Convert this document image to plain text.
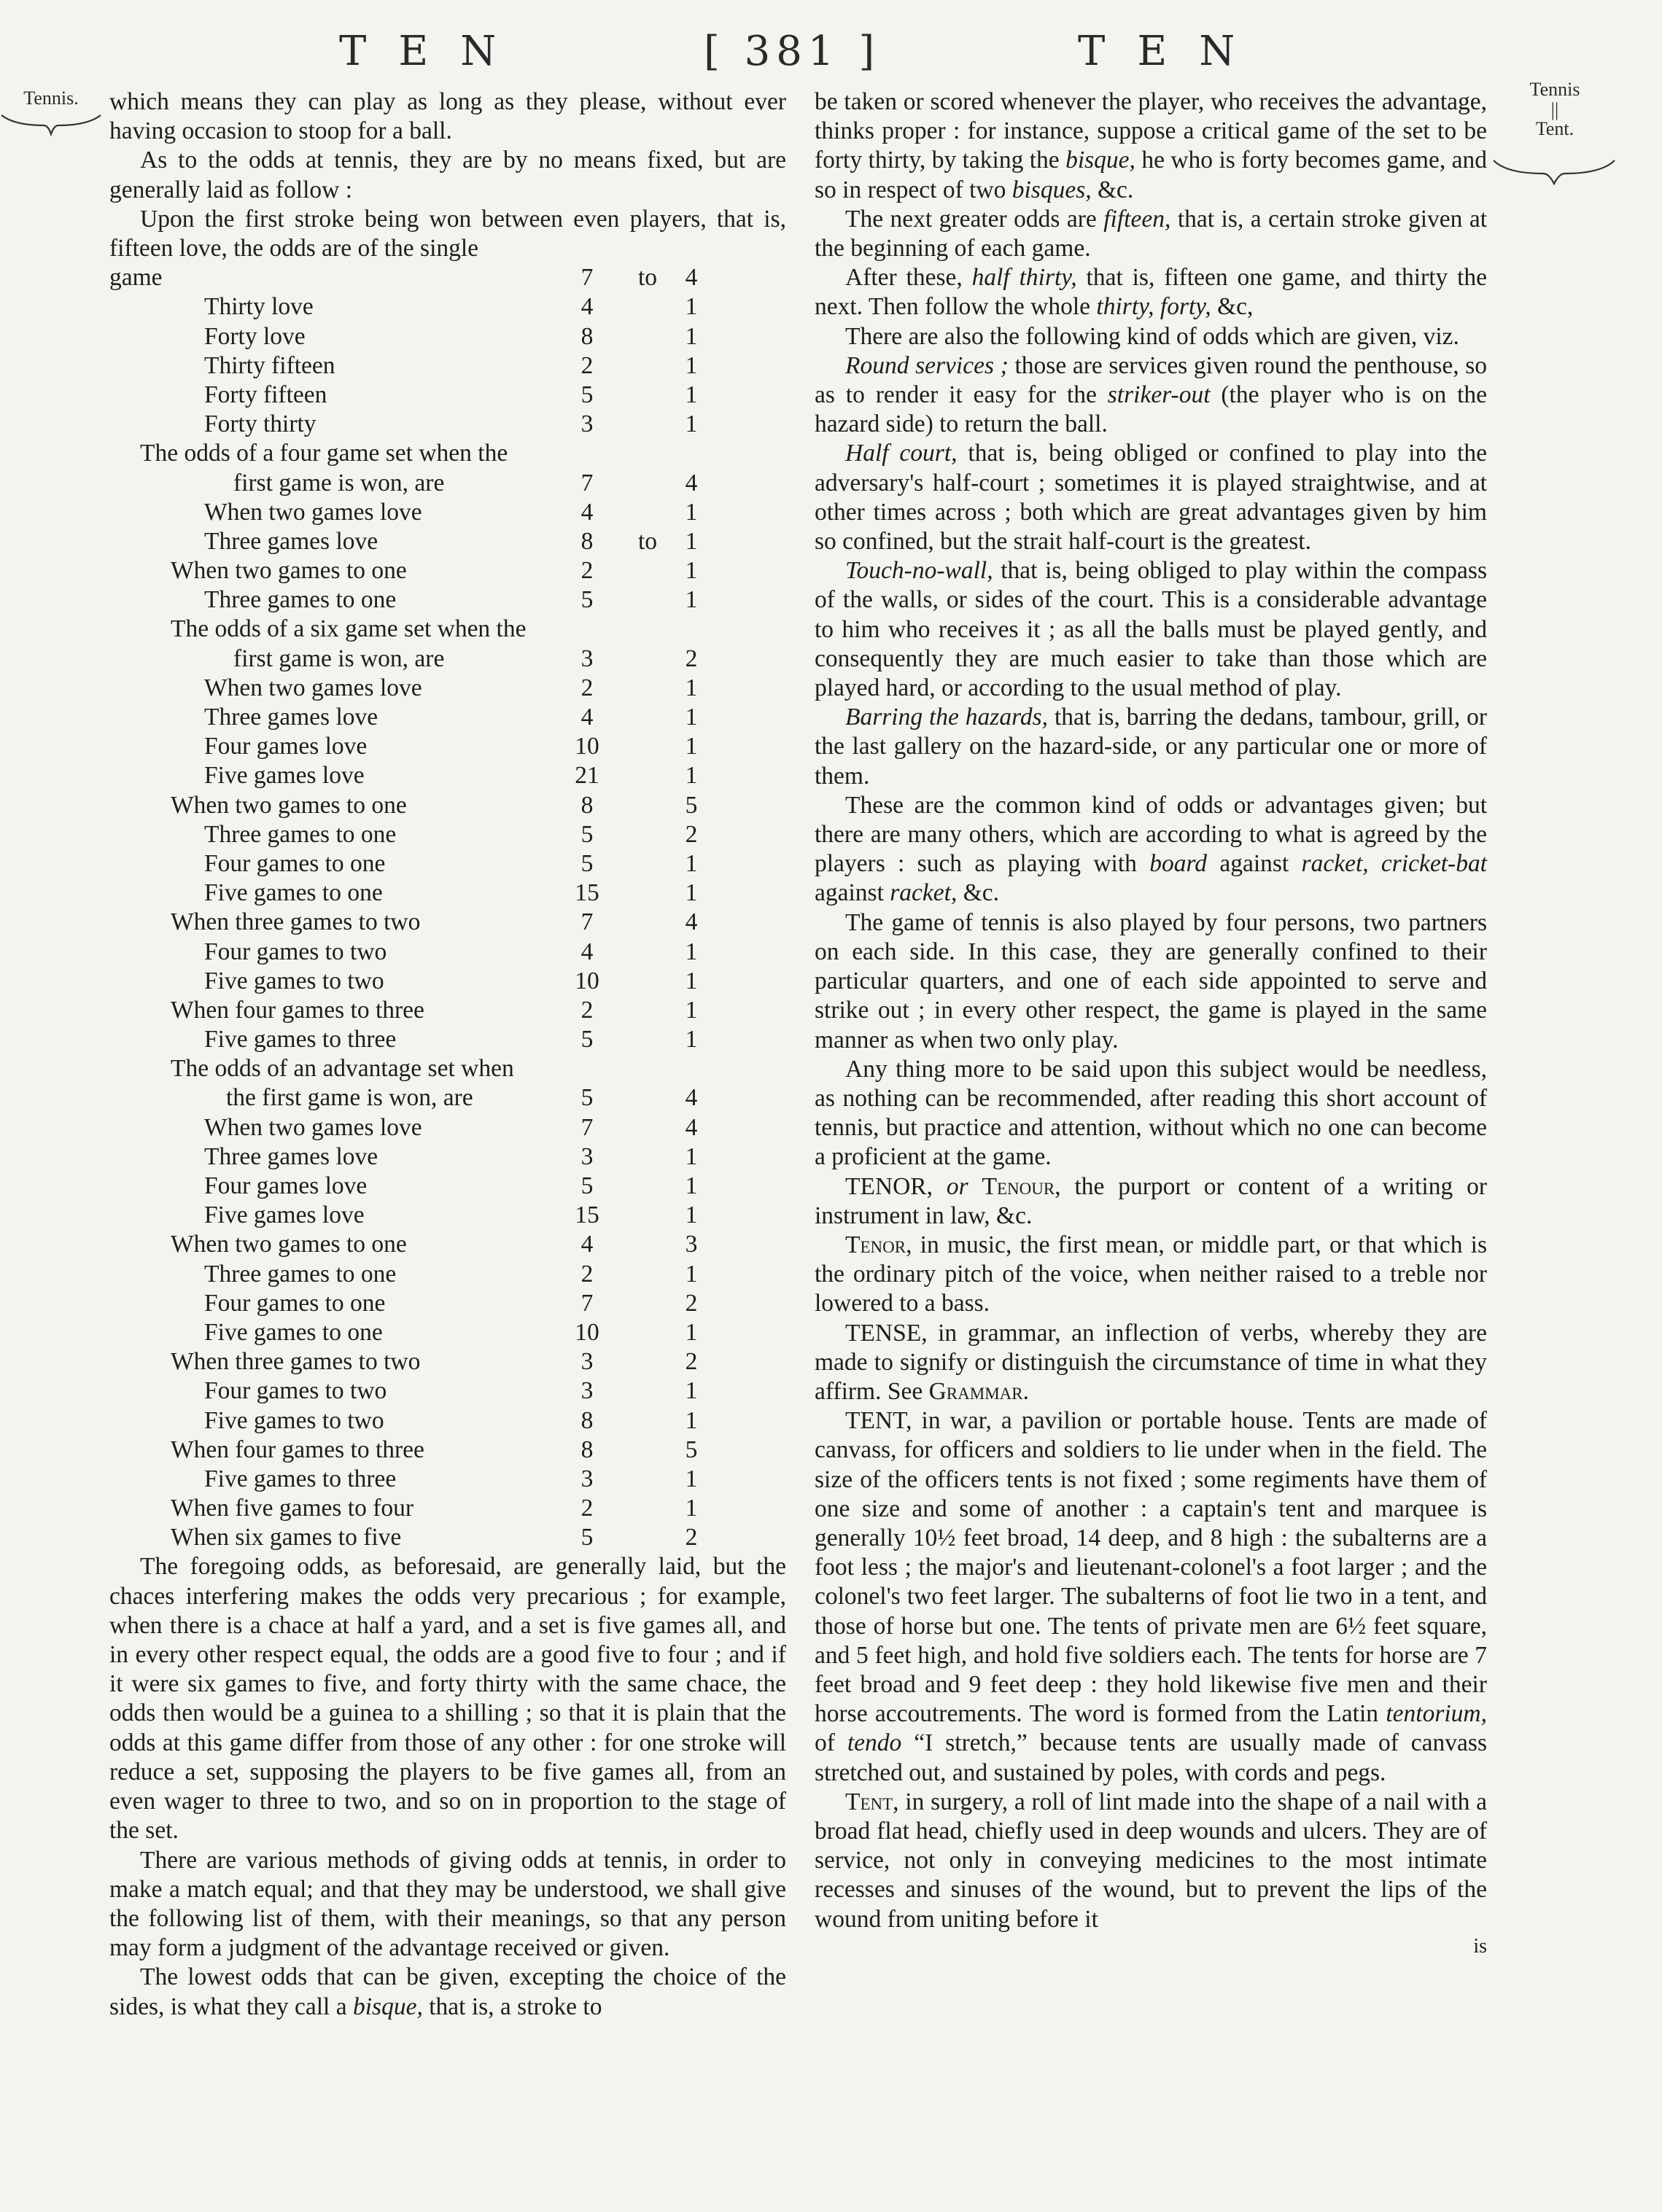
TEN	[ 381 ]	TEN
Tennis.	Tennis
||
Tent.

which means they can play as long as they please, without ever having occasion to stoop for a ball.

As to the odds at tennis, they are by no means fixed, but are generally laid as follow :

Upon the first stroke being won between even players, that is, fifteen love, the odds are of the single

game	7	to	4
Thirty love	4	1
Forty love	8	1
Thirty fifteen	2	1
Forty fifteen	5	1
Forty thirty	3	1
The odds of a four game set when the
first game is won, are	7	4
When two games love	4	1
Three games love	8	to	1
When two games to one	2	1
Three games to one	5	1
The odds of a six game set when the
first game is won, are	3	2
When two games love	2	1
Three games love	4	1
Four games love	10	1
Five games love	21	1
When two games to one	8	5
Three games to one	5	2
Four games to one	5	1
Five games to one	15	1
When three games to two	7	4
Four games to two	4	1
Five games to two	10	1
When four games to three	2	1
Five games to three	5	1
The odds of an advantage set when
the first game is won, are	5	4
When two games love	7	4
Three games love	3	1
Four games love	5	1
Five games love	15	1
When two games to one	4	3
Three games to one	2	1
Four games to one	7	2
Five games to one	10	1
When three games to two	3	2
Four games to two	3	1
Five games to two	8	1
When four games to three	8	5
Five games to three	3	1
When five games to four	2	1
When six games to five	5	2

The foregoing odds, as beforesaid, are generally laid, but the chaces interfering makes the odds very precarious ; for example, when there is a chace at half a yard, and a set is five games all, and in every other respect equal, the odds are a good five to four ; and if it were six games to five, and forty thirty with the same chace, the odds then would be a guinea to a shilling ; so that it is plain that the odds at this game differ from those of any other : for one stroke will reduce a set, supposing the players to be five games all, from an even wager to three to two, and so on in proportion to the stage of the set.

There are various methods of giving odds at tennis, in order to make a match equal; and that they may be understood, we shall give the following list of them, with their meanings, so that any person may form a judgment of the advantage received or given.

The lowest odds that can be given, excepting the choice of the sides, is what they call a bisque, that is, a stroke to

be taken or scored whenever the player, who receives the advantage, thinks proper : for instance, suppose a critical game of the set to be forty thirty, by taking the bisque, he who is forty becomes game, and so in respect of two bisques, &c.

The next greater odds are fifteen, that is, a certain stroke given at the beginning of each game.

After these, half thirty, that is, fifteen one game, and thirty the next. Then follow the whole thirty, forty, &c,

There are also the following kind of odds which are given, viz.

Round services ; those are services given round the penthouse, so as to render it easy for the striker-out (the player who is on the hazard side) to return the ball.

Half court, that is, being obliged or confined to play into the adversary's half-court ; sometimes it is played straightwise, and at other times across ; both which are great advantages given by him so confined, but the strait half-court is the greatest.

Touch-no-wall, that is, being obliged to play within the compass of the walls, or sides of the court. This is a considerable advantage to him who receives it ; as all the balls must be played gently, and consequently they are much easier to take than those which are played hard, or according to the usual method of play.

Barring the hazards, that is, barring the dedans, tambour, grill, or the last gallery on the hazard-side, or any particular one or more of them.

These are the common kind of odds or advantages given; but there are many others, which are according to what is agreed by the players : such as playing with board against racket, cricket-bat against racket, &c.

The game of tennis is also played by four persons, two partners on each side. In this case, they are generally confined to their particular quarters, and one of each side appointed to serve and strike out ; in every other respect, the game is played in the same manner as when two only play.

Any thing more to be said upon this subject would be needless, as nothing can be recommended, after reading this short account of tennis, but practice and attention, without which no one can become a proficient at the game.

TENOR, or Tenour, the purport or content of a writing or instrument in law, &c.

Tenor, in music, the first mean, or middle part, or that which is the ordinary pitch of the voice, when neither raised to a treble nor lowered to a bass.

TENSE, in grammar, an inflection of verbs, whereby they are made to signify or distinguish the circumstance of time in what they affirm. See Grammar.

TENT, in war, a pavilion or portable house. Tents are made of canvass, for officers and soldiers to lie under when in the field. The size of the officers tents is not fixed ; some regiments have them of one size and some of another : a captain's tent and marquee is generally 10½ feet broad, 14 deep, and 8 high : the subalterns are a foot less ; the major's and lieutenant-colonel's a foot larger ; and the colonel's two feet larger. The subalterns of foot lie two in a tent, and those of horse but one. The tents of private men are 6½ feet square, and 5 feet high, and hold five soldiers each. The tents for horse are 7 feet broad and 9 feet deep : they hold likewise five men and their horse accoutrements. The word is formed from the Latin tentorium, of tendo “I stretch,” because tents are usually made of canvass stretched out, and sustained by poles, with cords and pegs.

Tent, in surgery, a roll of lint made into the shape of a nail with a broad flat head, chiefly used in deep wounds and ulcers. They are of service, not only in conveying medicines to the most intimate recesses and sinuses of the wound, but to prevent the lips of the wound from uniting before it

is
